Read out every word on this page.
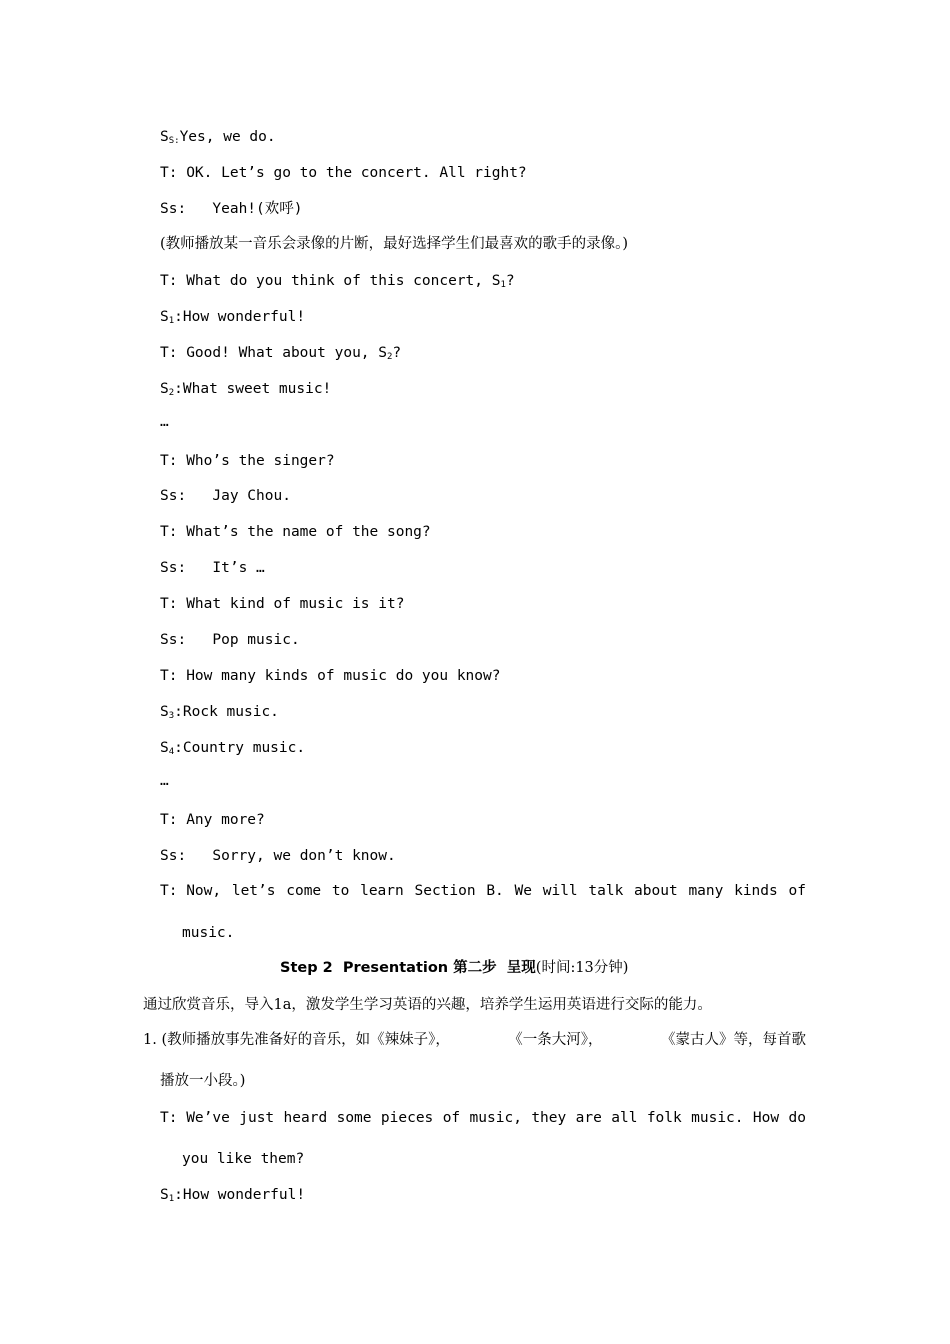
$S_{S:}Yes$, we do.
T: OK. Let’s go to the concert. All right?
Ss:   Yeah!(欢呼)
(教师播放某一音乐会录像的片断，最好选择学生们最喜欢的歌手的录像。)
T: What do you think of this concert, $S_1$?
$S_1:How$ wonderful!
T: Good! What about you, $S_2$?
$S_2:What$ sweet music!
…
T: Who’s the singer?
Ss:   Jay Chou.
T: What’s the name of the song?
Ss:   It’s …
T: What kind of music is it?
Ss:   Pop music.
T: How many kinds of music do you know?
$S_3:Rock$ music.
$S_4:Country$ music.
…
T: Any more?
Ss:   Sorry, we don’t know.
T: Now, let’s come to learn Section B. We will talk about many kinds of
music.
Step 2  Presentation 第二步  呈现(时间:13分钟)
通过欣赏音乐，导入1a，激发学生学习英语的兴趣，培养学生运用英语进行交际的能力。
1. (教师播放事先准备好的音乐，如《辣妹子》，	《一条大河》，	《蒙古人》等，每首歌
播放一小段。)
T: We’ve just heard some pieces of music, they are all folk music. How do
you like them?
$S_1:How$ wonderful!
